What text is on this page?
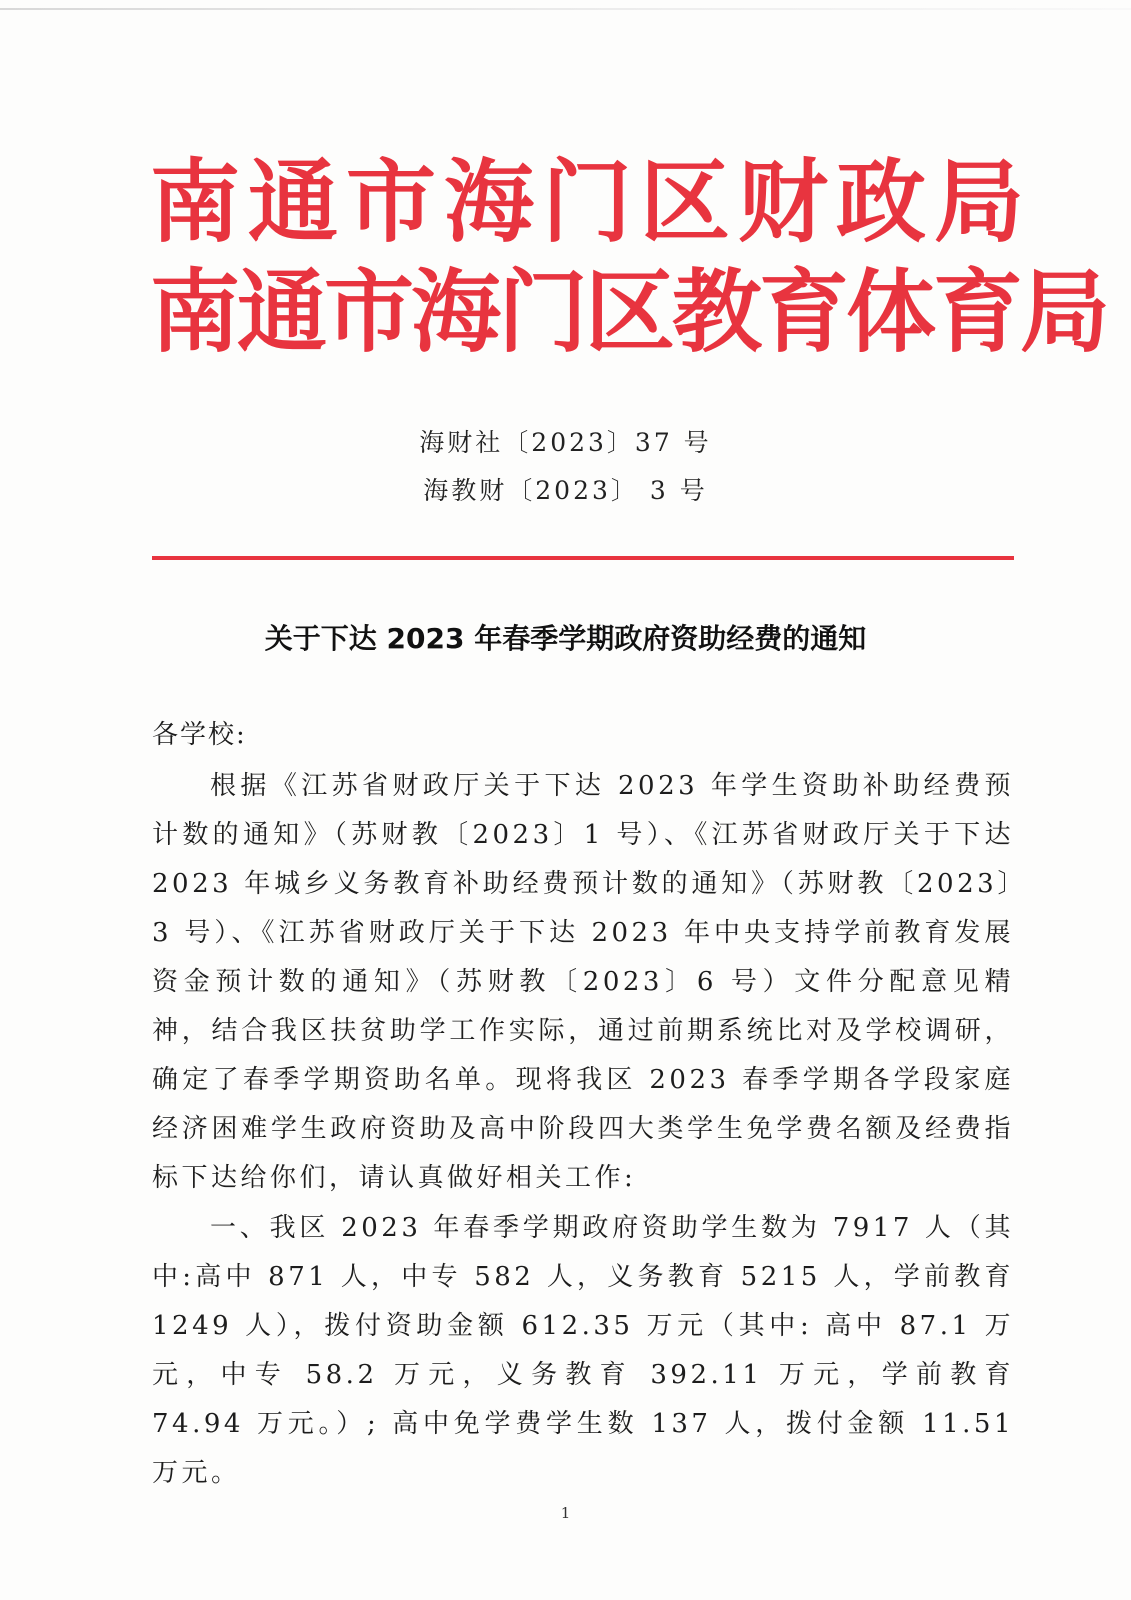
南通市海门区财政局
南通市海门区教育体育局
海财社〔2023〕37 号
海教财〔2023〕 3 号
关于下达 2023 年春季学期政府资助经费的通知
各学校:

根据《江苏省财政厅关于下达 2023 年学生资助补助经费预计数的通知》（苏财教〔2023〕1 号）、《江苏省财政厅关于下达 2023 年城乡义务教育补助经费预计数的通知》（苏财教〔2023〕3 号）、《江苏省财政厅关于下达 2023 年中央支持学前教育发展资金预计数的通知》（苏财教〔2023〕6 号）文件分配意见精神，结合我区扶贫助学工作实际，通过前期系统比对及学校调研，确定了春季学期资助名单。现将我区 2023 春季学期各学段家庭经济困难学生政府资助及高中阶段四大类学生免学费名额及经费指标下达给你们，请认真做好相关工作:

一、我区 2023 年春季学期政府资助学生数为 7917 人（其中:高中 871 人，中专 582 人，义务教育 5215 人，学前教育 1249 人），拨付资助金额 612.35 万元（其中: 高中 87.1 万元，中专 58.2 万元，义务教育 392.11 万元，学前教育 74.94 万元。）; 高中免学费学生数 137 人，拨付金额 11.51 万元。

1
